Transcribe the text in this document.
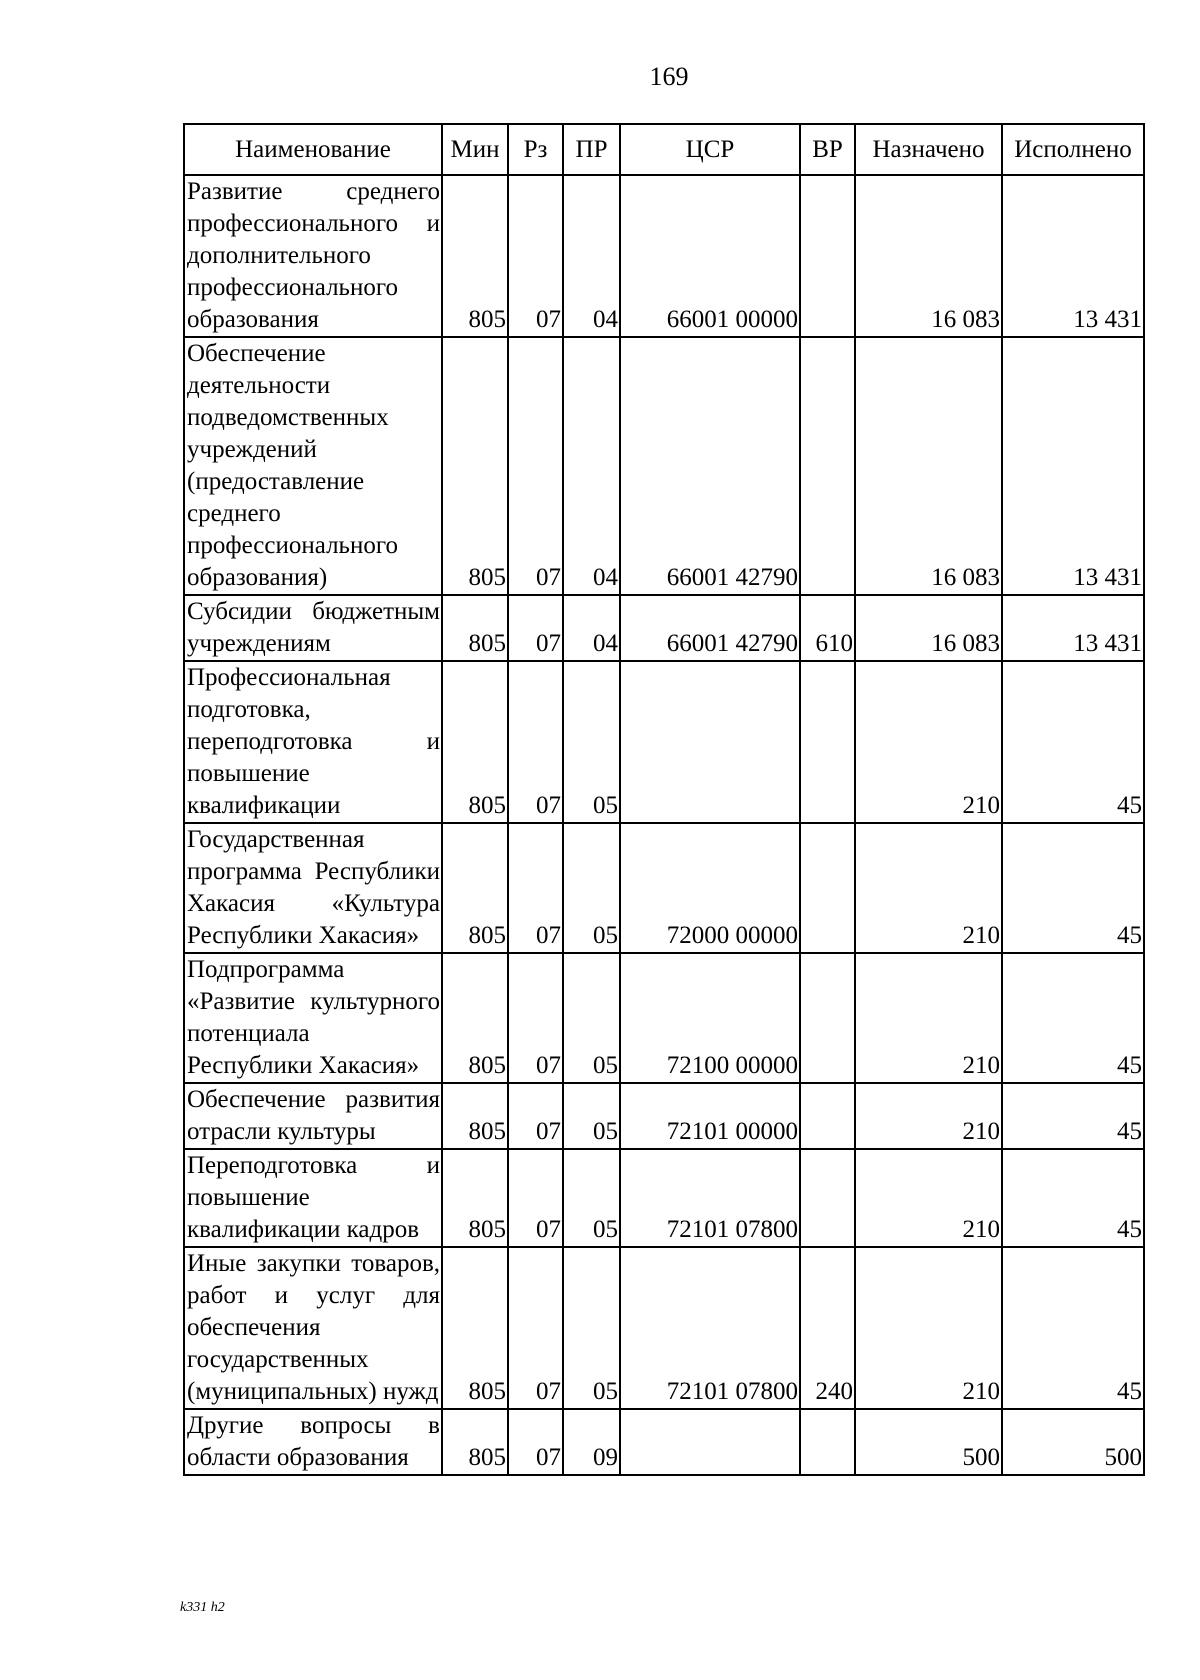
169
Наименование	Мин	Рз	ПР	ЦСР	ВР	Назначено	Исполнено
Развитие среднего профессионального и дополнительного профессионального образования	805	07	04	66001 00000		16 083	13 431
Обеспечение деятельности подведомственных учреждений (предоставление среднего профессионального образования)	805	07	04	66001 42790		16 083	13 431
Субсидии бюджетным учреждениям	805	07	04	66001 42790	610	16 083	13 431
Профессиональная подготовка, переподготовка и повышение квалификации	805	07	05			210	45
Государственная программа Республики Хакасия «Культура Республики Хакасия»	805	07	05	72000 00000		210	45
Подпрограмма «Развитие культурного потенциала Республики Хакасия»	805	07	05	72100 00000		210	45
Обеспечение развития отрасли культуры	805	07	05	72101 00000		210	45
Переподготовка и повышение квалификации кадров	805	07	05	72101 07800		210	45
Иные закупки товаров, работ и услуг для обеспечения государственных (муниципальных) нужд	805	07	05	72101 07800	240	210	45
Другие вопросы в области образования	805	07	09			500	500
k331 h2
